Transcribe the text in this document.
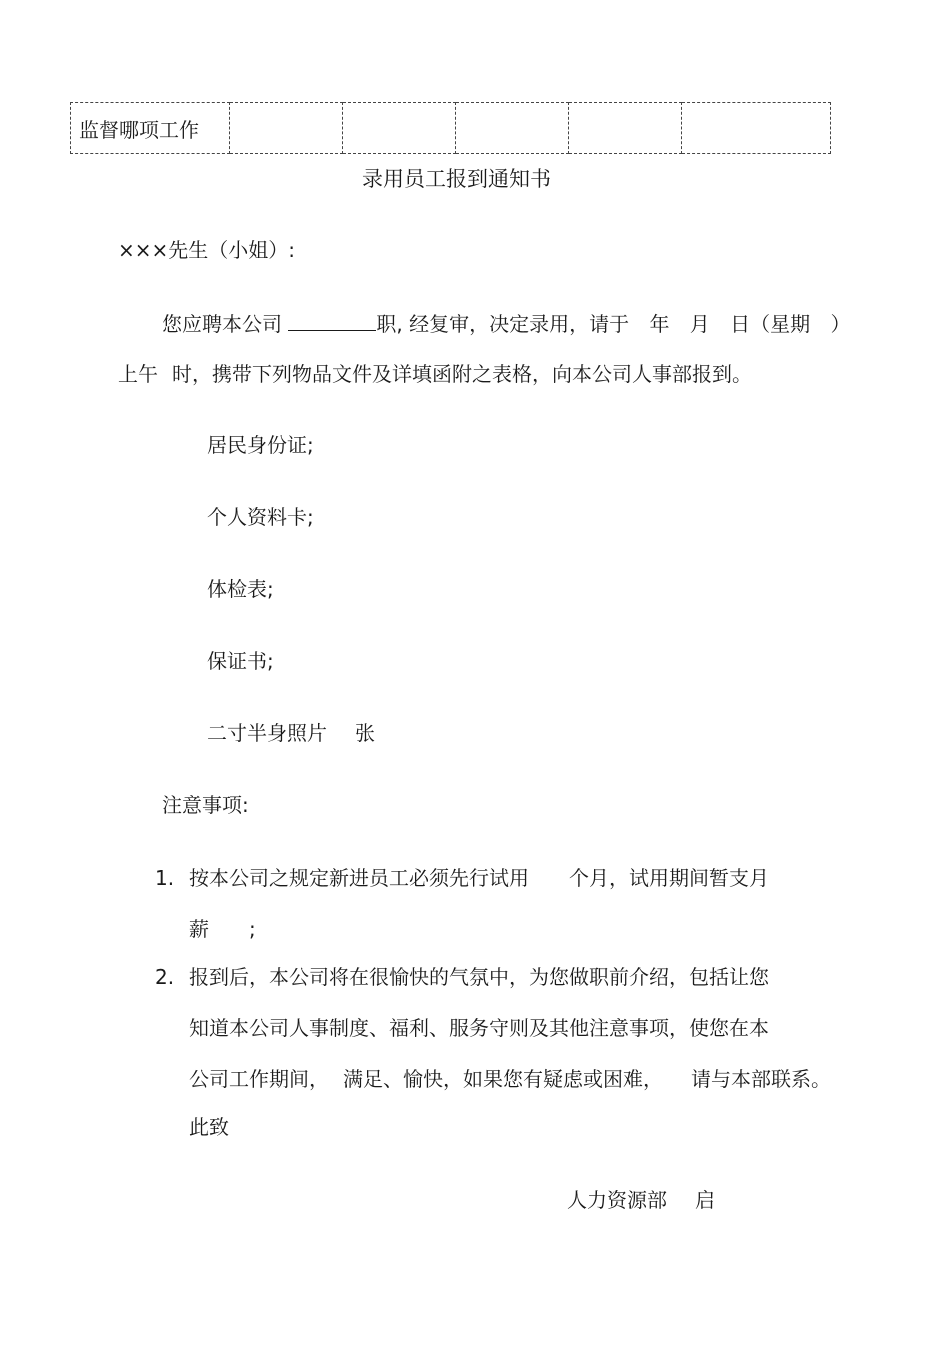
监督哪项工作					
录用员工报到通知书
×××先生（小姐）:
您应聘本公司	职, 经复审，决定录用，请于 年 月 日（星期 ）
上午 时，携带下列物品文件及详填函附之表格，向本公司人事部报到。
居民身份证;
个人资料卡;
体检表;
保证书;
二寸半身照片 张
注意事项:
1. 按本公司之规定新进员工必须先行试用 个月，试用期间暂支月
薪 ;
2. 报到后，本公司将在很愉快的气氛中，为您做职前介绍，包括让您
知道本公司人事制度、福利、服务守则及其他注意事项，使您在本
公司工作期间， 满足、愉快，如果您有疑虑或困难， 请与本部联系。
此致
人力资源部 启
